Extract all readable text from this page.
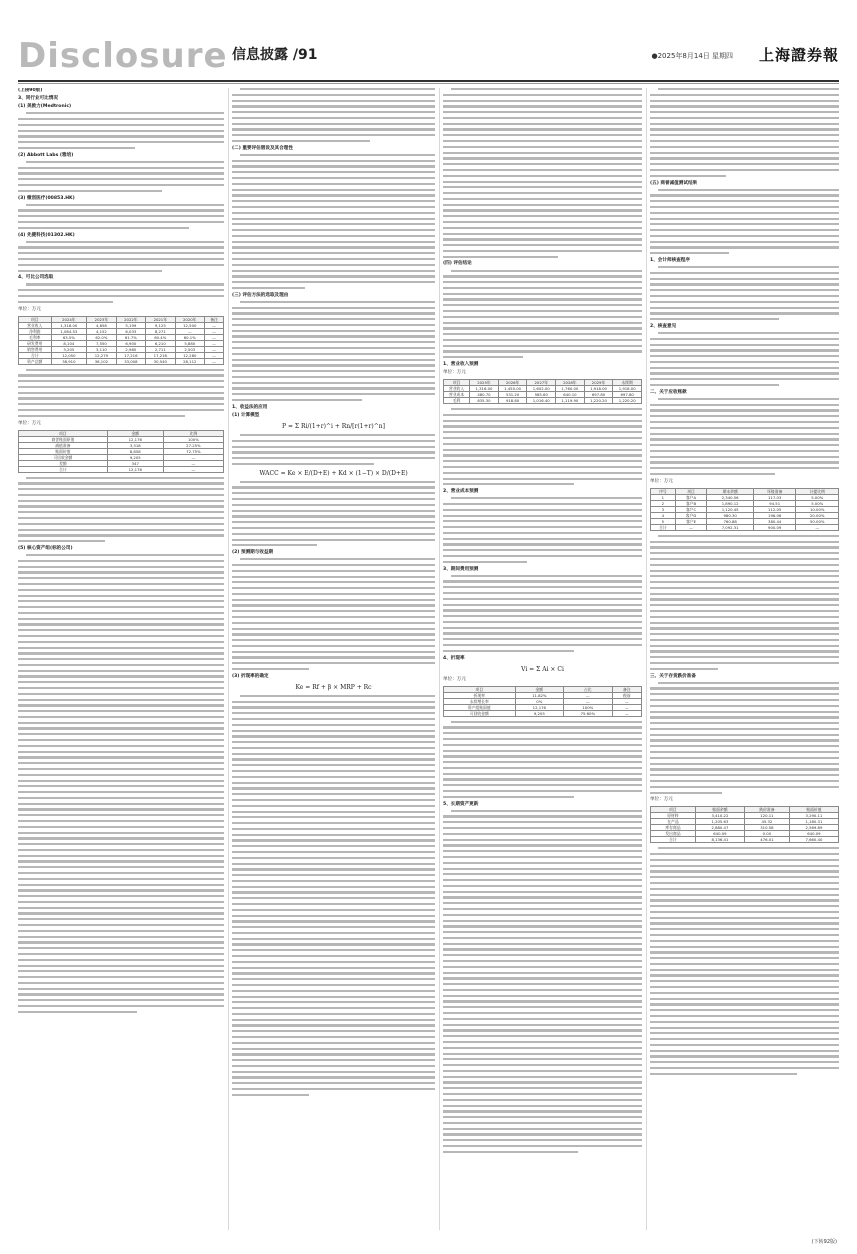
Disclosure 信息披露 /91	●2025年8月14日 星期四 上海證券報

(上接90版)

3、同行业可比情况

(1) 美敦力(Medtronic)

(2) Abbott Labs (雅培)

(3) 微创医疗(00853.HK)

(4) 先健科技(01302.HK)

4、可比公司选取

单位：万元
项目	2024年	2023年	2022年	2021年	2020年	备注
营业收入	1,316.00	4,858	5,199	9,125	12,500	—
净利润	1,084.53	4,152	6,033	8,271	—	—
毛利率	63.5%	62.0%	61.7%	60.4%	60.1%	—
研发费用	8,104	7,550	6,900	6,210	5,880	—
销售费用	3,205	3,110	2,980	2,711	2,503	—
合计	12,050	12,279	17,216	17,216	12,280	—
资产总额	38,910	36,102	33,008	30,540	28,112	—
单位：万元
项目	金额	比例
商誉账面原值	12,176	100%
减值准备	3,318	27.25%
账面价值	8,858	72.75%
可回收金额	9,205	—
差额	347	—
合计	12,176	—

(5) 核心资产组(标的公司)

(二) 重要评估假设及其合理性

(三) 评估方法的选取及理由

1、收益法的应用

(1) 计算模型

P = Σ Ri/(1+r)^i + Rn/[r(1+r)^n]
WACC = Ke × E/(D+E) + Kd × (1−T) × D/(D+E)

(2) 预测期与收益期

(3) 折现率的确定

Ke = Rf + β × MRP + Rc

(四) 评估结论

1、营业收入预测

单位：万元
项目	2025年	2026年	2027年	2028年	2029年	永续期
营业收入	1,316.00	1,450.00	1,602.00	1,760.00	1,918.00	1,918.00
营业成本	480.70	531.20	585.60	640.10	697.80	697.80
毛利	835.30	918.80	1,016.40	1,119.90	1,220.20	1,220.20

2、营业成本预测

3、期间费用预测

4、折现率

Vi = Σ Ai × Ci
单位：万元
项目	金额	占比	备注
折现率	11.82%	—	税前
永续增长率	0%	—	—
资产组账面值	12,176	100%	—
可回收金额	9,205	75.60%	—

5、长期资产更新

(五) 商誉减值测试结果

1、会计师核查程序

2、核查意见

二、关于应收账款

单位：万元
序号	项目	期末余额	坏账准备	计提比例
1	客户A	2,340.56	117.03	5.00%
2	客户B	1,890.12	94.51	5.00%
3	客户C	1,120.45	112.05	10.00%
4	客户D	980.30	196.06	20.00%
5	客户E	760.88	380.44	50.00%
合计	—	7,092.31	900.09	—

三、关于存货跌价准备

单位：万元
项目	账面余额	跌价准备	账面价值
原材料	3,410.22	120.11	3,290.11
在产品	1,205.63	45.32	1,160.31
库存商品	2,880.47	310.58	2,569.89
发出商品	640.09	0.00	640.09
合计	8,136.41	476.01	7,660.40
(下转92版)
